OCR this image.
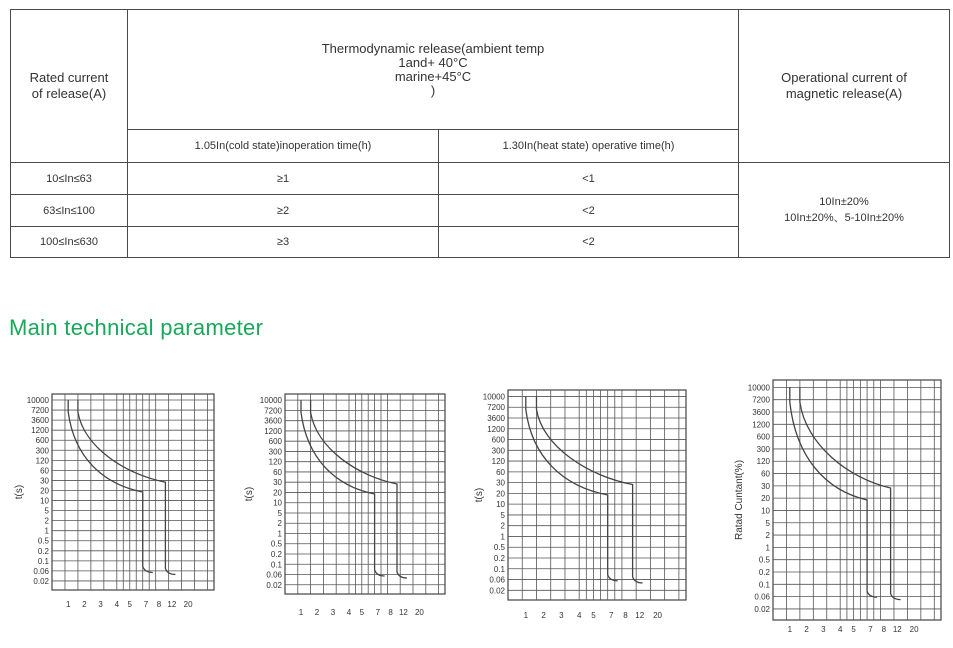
Rated current
of release(A)	Thermodynamic release(ambient temp
1and+ 40°C
marine+45°C
)		Operational current of
magnetic release(A)
	1.05In(cold state)inoperation time(h)	1.30In(heat state) operative time(h)	
10≤In≤63	≥1	<1	10In±20%
10In±20%、5-10In±20%
63≤In≤100	≥2	<2	
100≤In≤630	≥3	<2	
Main technical parameter
10000
7200
3600
1200
600
300
120
60
30
20
10
5
2
1
0.5
0.2
0.1
0.06
0.02
1 2 3 4 5 7 8 12 20
t(s)
10000
7200
3600
1200
600
300
120
60
30
20
10
5
2
1
0.5
0.2
0.1
0.06
0.02
1 2 3 4 5 7 8 12 20
t(s)
10000
7200
3600
1200
600
300
120
60
30
20
10
5
2
1
0.5
0.2
0.1
0.06
0.02
1 2 3 4 5 7 8 12 20
t(s)
10000
7200
3600
1200
600
300
120
60
30
20
10
5
2
1
0.5
0.2
0.1
0.06
0.02
1 2 3 4 5 7 8 12 20
Ratad Cuntant(%)
